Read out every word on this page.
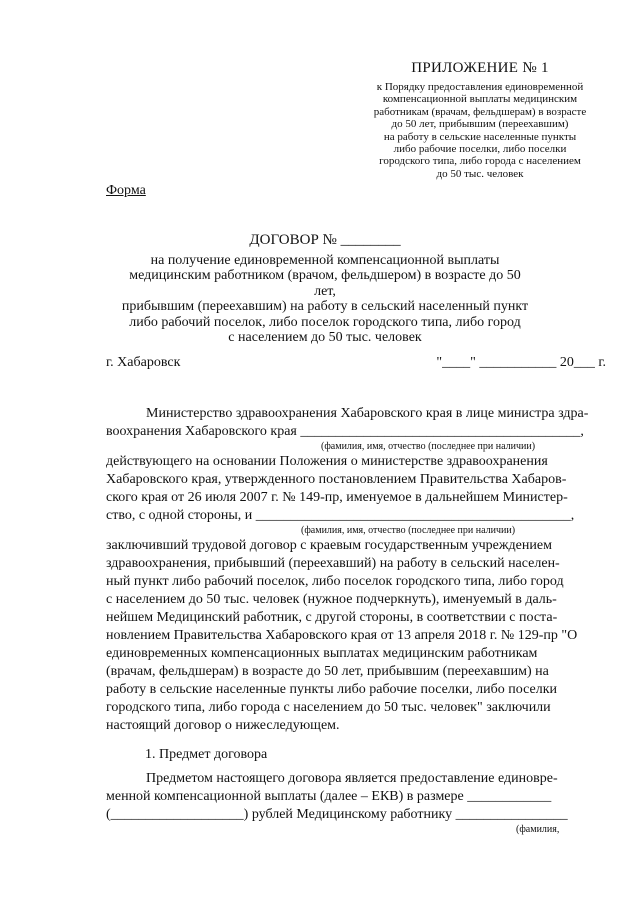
ПРИЛОЖЕНИЕ № 1
к Порядку предоставления единовременной
компенсационной выплаты медицинским
работникам (врачам, фельдшерам) в возрасте
до 50 лет, прибывшим (переехавшим)
на работу в сельские населенные пункты
либо рабочие поселки, либо поселки
городского типа, либо города с населением
до 50 тыс. человек
Форма
ДОГОВОР № ________
на получение единовременной компенсационной выплаты
медицинским работником (врачом, фельдшером) в возрасте до 50 лет,
прибывшим (переехавшим) на работу в сельский населенный пункт
либо рабочий поселок, либо поселок городского типа, либо город
с населением до 50 тыс. человек
г. Хабаровск	"____" ___________ 20___ г.
Министерство здравоохранения Хабаровского края в лице министра здра-
воохранения Хабаровского края ________________________________________,
(фамилия, имя, отчество (последнее при наличии)
действующего на основании Положения о министерстве здравоохранения
Хабаровского края, утвержденного постановлением Правительства Хабаров-
ского края от 26 июля 2007 г. № 149-пр, именуемое в дальнейшем Министер-
ство, с одной стороны, и _____________________________________________,
(фамилия, имя, отчество (последнее при наличии)
заключивший трудовой договор с краевым государственным учреждением
здравоохранения, прибывший (переехавший) на работу в сельский населен-
ный пункт либо рабочий поселок, либо поселок городского типа, либо город
с населением до 50 тыс. человек (нужное подчеркнуть), именуемый в даль-
нейшем Медицинский работник, с другой стороны, в соответствии с поста-
новлением Правительства Хабаровского края от 13 апреля 2018 г. № 129-пр "О
единовременных компенсационных выплатах медицинским работникам
(врачам, фельдшерам) в возрасте до 50 лет, прибывшим (переехавшим) на
работу в сельские населенные пункты либо рабочие поселки, либо поселки
городского типа, либо города с населением до 50 тыс. человек" заключили
настоящий договор о нижеследующем.
1. Предмет договора
Предметом настоящего договора является предоставление единовре-
менной компенсационной выплаты (далее – ЕКВ) в размере ____________
(___________________) рублей Медицинскому работнику ________________
(фамилия,
